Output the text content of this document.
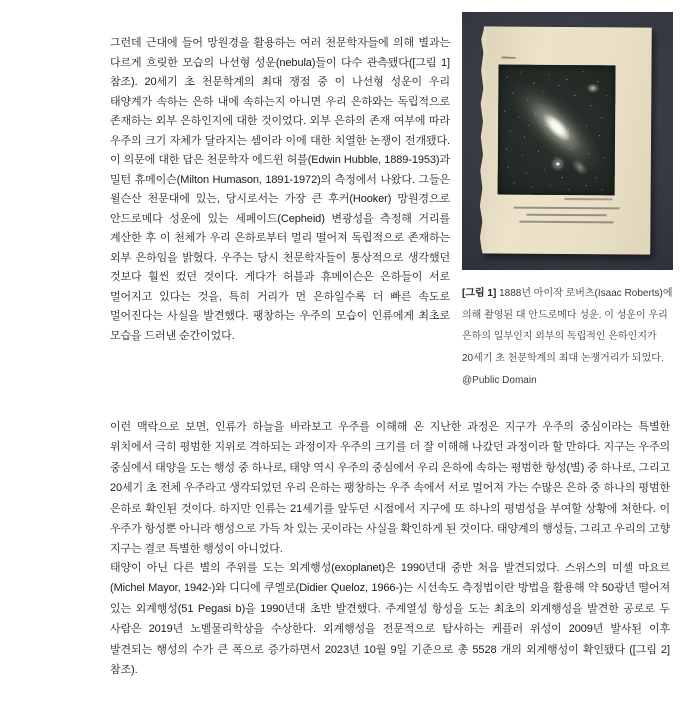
그런데 근대에 들어 망원경을 활용하는 여러 천문학자들에 의해 별과는 다르게 흐릿한 모습의 나선형 성운(nebula)들이 다수 관측됐다([그림 1] 참조). 20세기 초 천문학계의 최대 쟁점 중 이 나선형 성운이 우리 태양계가 속하는 은하 내에 속하는지 아니면 우리 은하와는 독립적으로 존재하는 외부 은하인지에 대한 것이었다. 외부 은하의 존재 여부에 따라 우주의 크기 자체가 달라지는 셈이라 이에 대한 치열한 논쟁이 전개됐다. 이 의문에 대한 답은 천문학자 에드윈 허블(Edwin Hubble, 1889-1953)과 밀턴 휴메이슨(Milton Humason, 1891-1972)의 측정에서 나왔다. 그들은 윌슨산 천문대에 있는, 당시로서는 가장 큰 후커(Hooker) 망원경으로 안드로메다 성운에 있는 세페이드(Cepheid) 변광성을 측정해 거리를 계산한 후 이 천체가 우리 은하로부터 멀리 떨어져 독립적으로 존재하는 외부 은하임을 밝혔다. 우주는 당시 천문학자들이 통상적으로 생각했던 것보다 훨씬 컸던 것이다. 게다가 허블과 휴메이슨은 은하들이 서로 멀어지고 있다는 것을, 특히 거리가 먼 은하일수록 더 빠른 속도로 멀어진다는 사실을 발견했다. 팽창하는 우주의 모습이 인류에게 최초로 모습을 드러낸 순간이었다.
[그림 1] 1888년 아이작 로버츠(Isaac Roberts)에 의해 촬영된 대 안드로메다 성운. 이 성운이 우리 은하의 일부인지 외부의 독립적인 은하인지가 20세기 초 천문학계의 최대 논쟁거리가 되었다.
@Public Domain
이런 맥락으로 보면, 인류가 하늘을 바라보고 우주를 이해해 온 지난한 과정은 지구가 우주의 중심이라는 특별한 위치에서 극히 평범한 지위로 격하되는 과정이자 우주의 크기를 더 잘 이해해 나갔던 과정이라 할 만하다. 지구는 우주의 중심에서 태양을 도는 행성 중 하나로, 태양 역시 우주의 중심에서 우리 은하에 속하는 평범한 항성(별) 중 하나로, 그리고 20세기 초 전체 우주라고 생각되었던 우리 은하는 팽창하는 우주 속에서 서로 멀어져 가는 수많은 은하 중 하나의 평범한 은하로 확인된 것이다. 하지만 인류는 21세기를 앞두던 시점에서 지구에 또 하나의 평범성을 부여할 상황에 처한다. 이 우주가 항성뿐 아니라 행성으로 가득 차 있는 곳이라는 사실을 확인하게 된 것이다. 태양계의 행성들, 그리고 우리의 고향 지구는 결코 특별한 행성이 아니었다.
태양이 아닌 다른 별의 주위를 도는 외계행성(exoplanet)은 1990년대 중반 처음 발견되었다. 스위스의 미셸 마요르(Michel Mayor, 1942-)와 디디에 쿠엘로(Didier Queloz, 1966-)는 시선속도 측정법이란 방법을 활용해 약 50광년 떨어져 있는 외계행성(51 Pegasi b)을 1990년대 초반 발견했다. 주계열성 항성을 도는 최초의 외계행성을 발견한 공로로 두 사람은 2019년 노벨물리학상을 수상한다. 외계행성을 전문적으로 탐사하는 케플러 위성이 2009년 발사된 이후 발견되는 행성의 수가 큰 폭으로 증가하면서 2023년 10월 9일 기준으로 총 5528 개의 외계행성이 확인됐다 ([그림 2] 참조).
